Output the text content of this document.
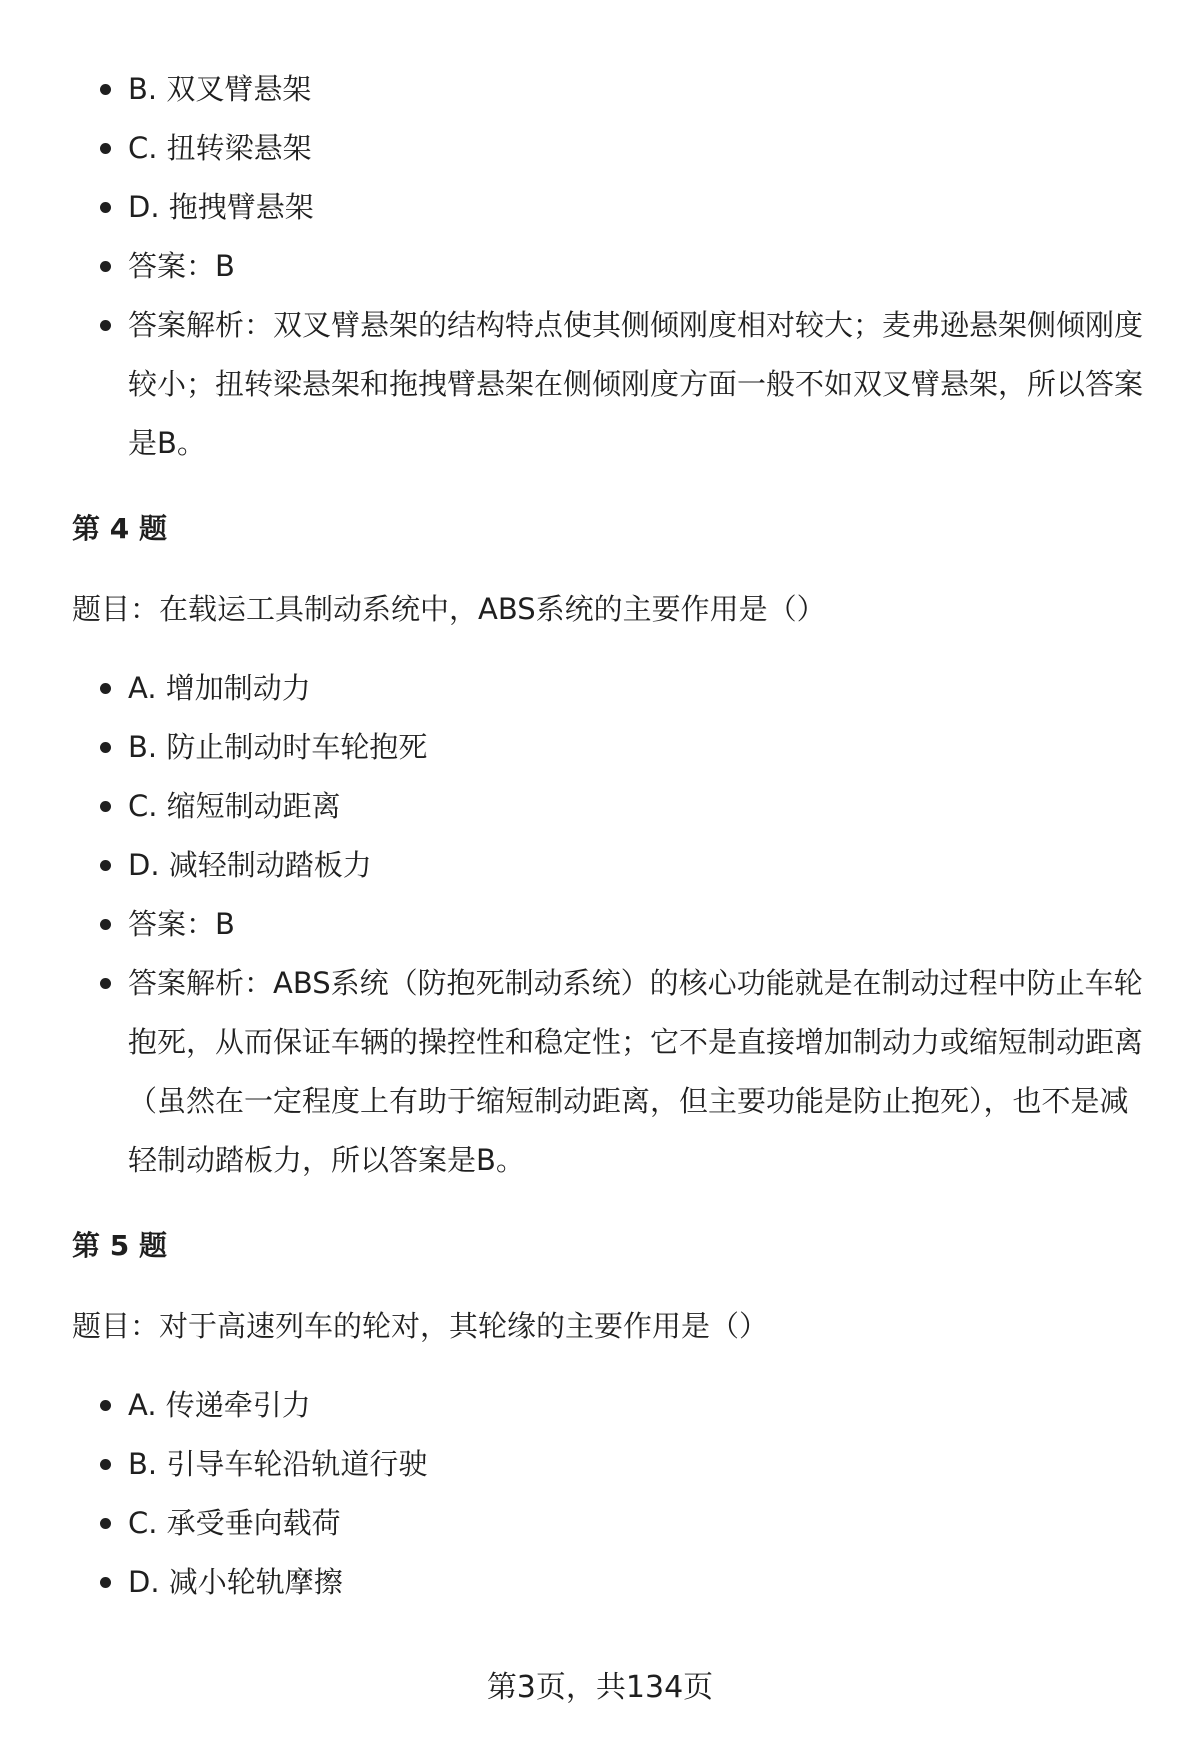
B. 双叉臂悬架
C. 扭转梁悬架
D. 拖拽臂悬架
答案：B
答案解析：双叉臂悬架的结构特点使其侧倾刚度相对较大；麦弗逊悬架侧倾刚度较小；扭转梁悬架和拖拽臂悬架在侧倾刚度方面一般不如双叉臂悬架，所以答案是B。
第 4 题
题目：在载运工具制动系统中，ABS系统的主要作用是（）
A. 增加制动力
B. 防止制动时车轮抱死
C. 缩短制动距离
D. 减轻制动踏板力
答案：B
答案解析：ABS系统（防抱死制动系统）的核心功能就是在制动过程中防止车轮抱死，从而保证车辆的操控性和稳定性；它不是直接增加制动力或缩短制动距离（虽然在一定程度上有助于缩短制动距离，但主要功能是防止抱死），也不是减轻制动踏板力，所以答案是B。
第 5 题
题目：对于高速列车的轮对，其轮缘的主要作用是（）
A. 传递牵引力
B. 引导车轮沿轨道行驶
C. 承受垂向载荷
D. 减小轮轨摩擦
第3页，共134页
